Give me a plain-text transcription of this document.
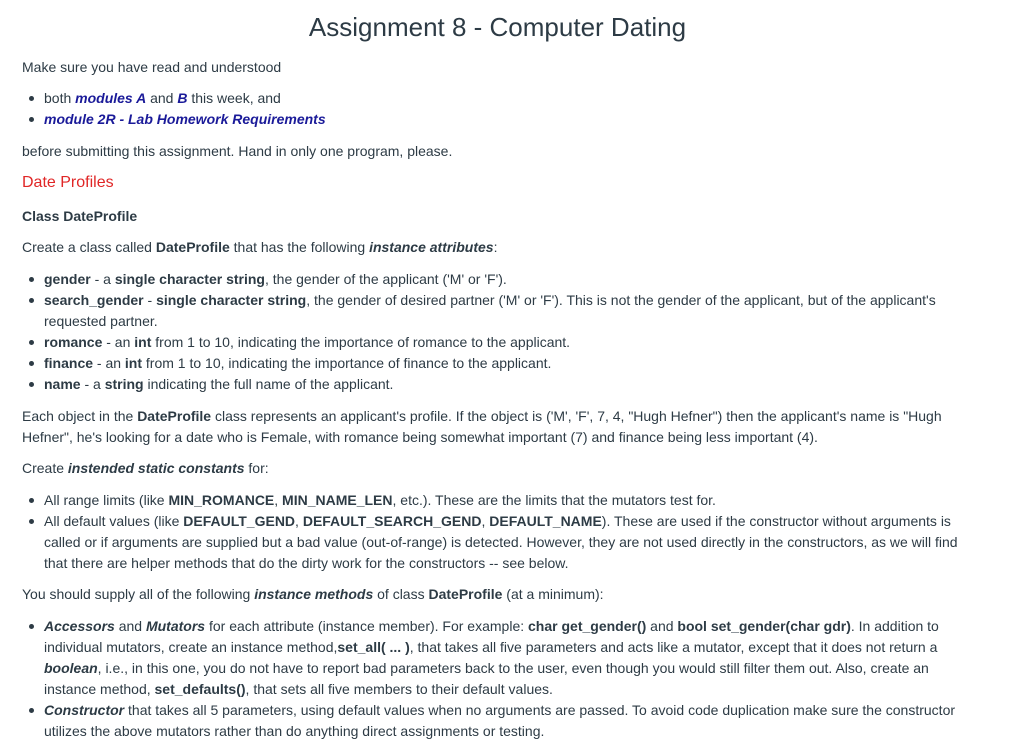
Assignment 8 - Computer Dating

Make sure you have read and understood

both modules A and B this week, and
module 2R - Lab Homework Requirements

before submitting this assignment. Hand in only one program, please.

Date Profiles
Class DateProfile

Create a class called DateProfile that has the following instance attributes:

gender - a single character string, the gender of the applicant ('M' or 'F').
search_gender - single character string, the gender of desired partner ('M' or 'F'). This is not the gender of the applicant, but of the applicant's requested partner.
romance - an int from 1 to 10, indicating the importance of romance to the applicant.
finance - an int from 1 to 10, indicating the importance of finance to the applicant.
name - a string indicating the full name of the applicant.

Each object in the DateProfile class represents an applicant's profile. If the object is ('M', 'F', 7, 4, "Hugh Hefner") then the applicant's name is "Hugh Hefner", he's looking for a date who is Female, with romance being somewhat important (7) and finance being less important (4).

Create instended static constants for:

All range limits (like MIN_ROMANCE, MIN_NAME_LEN, etc.). These are the limits that the mutators test for.
All default values (like DEFAULT_GEND, DEFAULT_SEARCH_GEND, DEFAULT_NAME). These are used if the constructor without arguments is called or if arguments are supplied but a bad value (out-of-range) is detected. However, they are not used directly in the constructors, as we will find that there are helper methods that do the dirty work for the constructors -- see below.

You should supply all of the following instance methods of class DateProfile (at a minimum):

Accessors and Mutators for each attribute (instance member). For example: char get_gender() and bool set_gender(char gdr). In addition to individual mutators, create an instance method,set_all( ... ), that takes all five parameters and acts like a mutator, except that it does not return a boolean, i.e., in this one, you do not have to report bad parameters back to the user, even though you would still filter them out. Also, create an instance method, set_defaults(), that sets all five members to their default values.
Constructor that takes all 5 parameters, using default values when no arguments are passed. To avoid code duplication make sure the constructor utilizes the above mutators rather than do anything direct assignments or testing.
